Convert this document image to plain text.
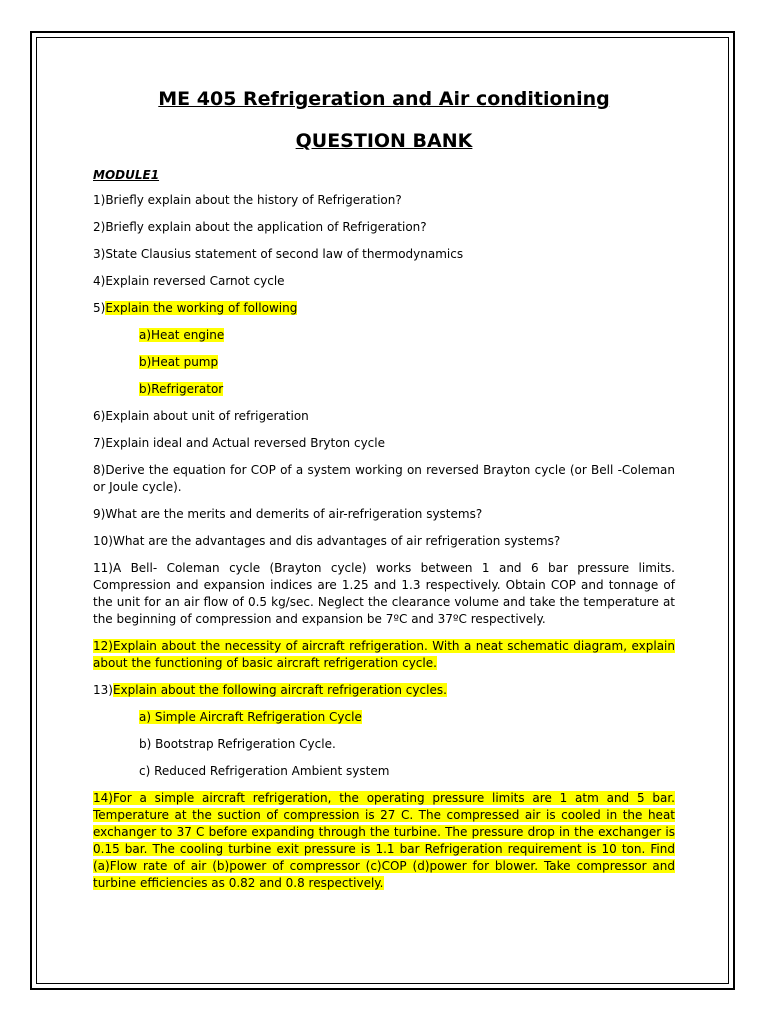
ME 405 Refrigeration and Air conditioning
QUESTION BANK
MODULE1
1)Briefly explain about the history of Refrigeration?
2)Briefly explain about the application of Refrigeration?
3)State Clausius statement of second law of thermodynamics
4)Explain reversed Carnot cycle
5)Explain the working of following
a)Heat engine
b)Heat pump
b)Refrigerator
6)Explain about unit of refrigeration
7)Explain ideal and Actual reversed Bryton cycle
8)Derive the equation for COP of a system working on reversed Brayton cycle (or Bell -Coleman or Joule cycle).
9)What are the merits and demerits of air-refrigeration systems?
10)What are the advantages and dis advantages of air refrigeration systems?
11)A Bell- Coleman cycle (Brayton cycle) works between 1 and 6 bar pressure limits. Compression and expansion indices are 1.25 and 1.3 respectively. Obtain COP and tonnage of the unit for an air flow of 0.5 kg/sec. Neglect the clearance volume and take the temperature at the beginning of compression and expansion be 7ºC and 37ºC respectively.
12)Explain about the necessity of aircraft refrigeration. With a neat schematic diagram, explain about the functioning of basic aircraft refrigeration cycle.
13)Explain about the following aircraft refrigeration cycles.
a) Simple Aircraft Refrigeration Cycle
b) Bootstrap Refrigeration Cycle.
c) Reduced Refrigeration Ambient system
14)For a simple aircraft refrigeration, the operating pressure limits are 1 atm and 5 bar. Temperature at the suction of compression is 27 C. The compressed air is cooled in the heat exchanger to 37 C before expanding through the turbine. The pressure drop in the exchanger is 0.15 bar. The cooling turbine exit pressure is 1.1 bar Refrigeration requirement is 10 ton. Find (a)Flow rate of air (b)power of compressor (c)COP (d)power for blower. Take compressor and turbine efficiencies as 0.82 and 0.8 respectively.
